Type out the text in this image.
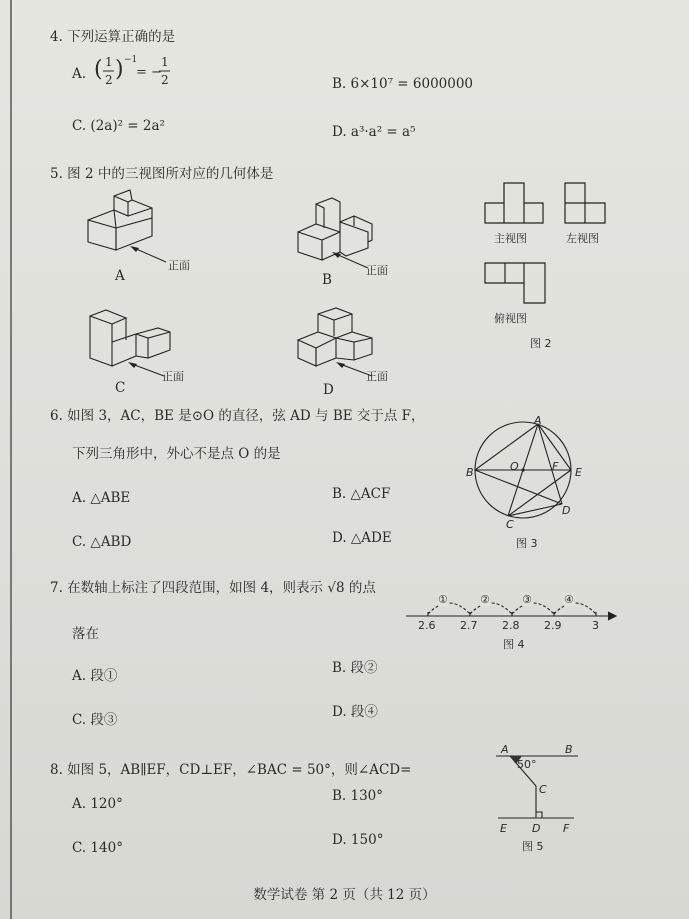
4. 下列运算正确的是
A. ( 1
2 ) −1
= −
1
2	B. 6×10⁷ = 6000000
C. (2a)² = 2a²	D. a³·a² = a⁵
5. 图 2 中的三视图所对应的几何体是
正面
A	正面
B
正面
C
正面
D
主视图	左视图
俯视图
图 2
6. 如图 3，AC，BE 是⊙O 的直径，弦 AD 与 BE 交于点 F，
下列三角形中，外心不是点 O 的是
A. △ABE	B. △ACF
C. △ABD	D. △ADE
A
B	O	F E
D
C
图 3
7. 在数轴上标注了四段范围，如图 4，则表示 √8 的点
落在
A. 段①	B. 段②
C. 段③	D. 段④
①	②	③	④
2.6 2.7 2.8 2.9	3
图 4
8. 如图 5，AB∥EF，CD⊥EF，∠BAC = 50°，则∠ACD=
A. 120°	B. 130°
C. 140°	D. 150°
A	B
50°
C
E D F
图 5
数学试卷 第 2 页（共 12 页）
